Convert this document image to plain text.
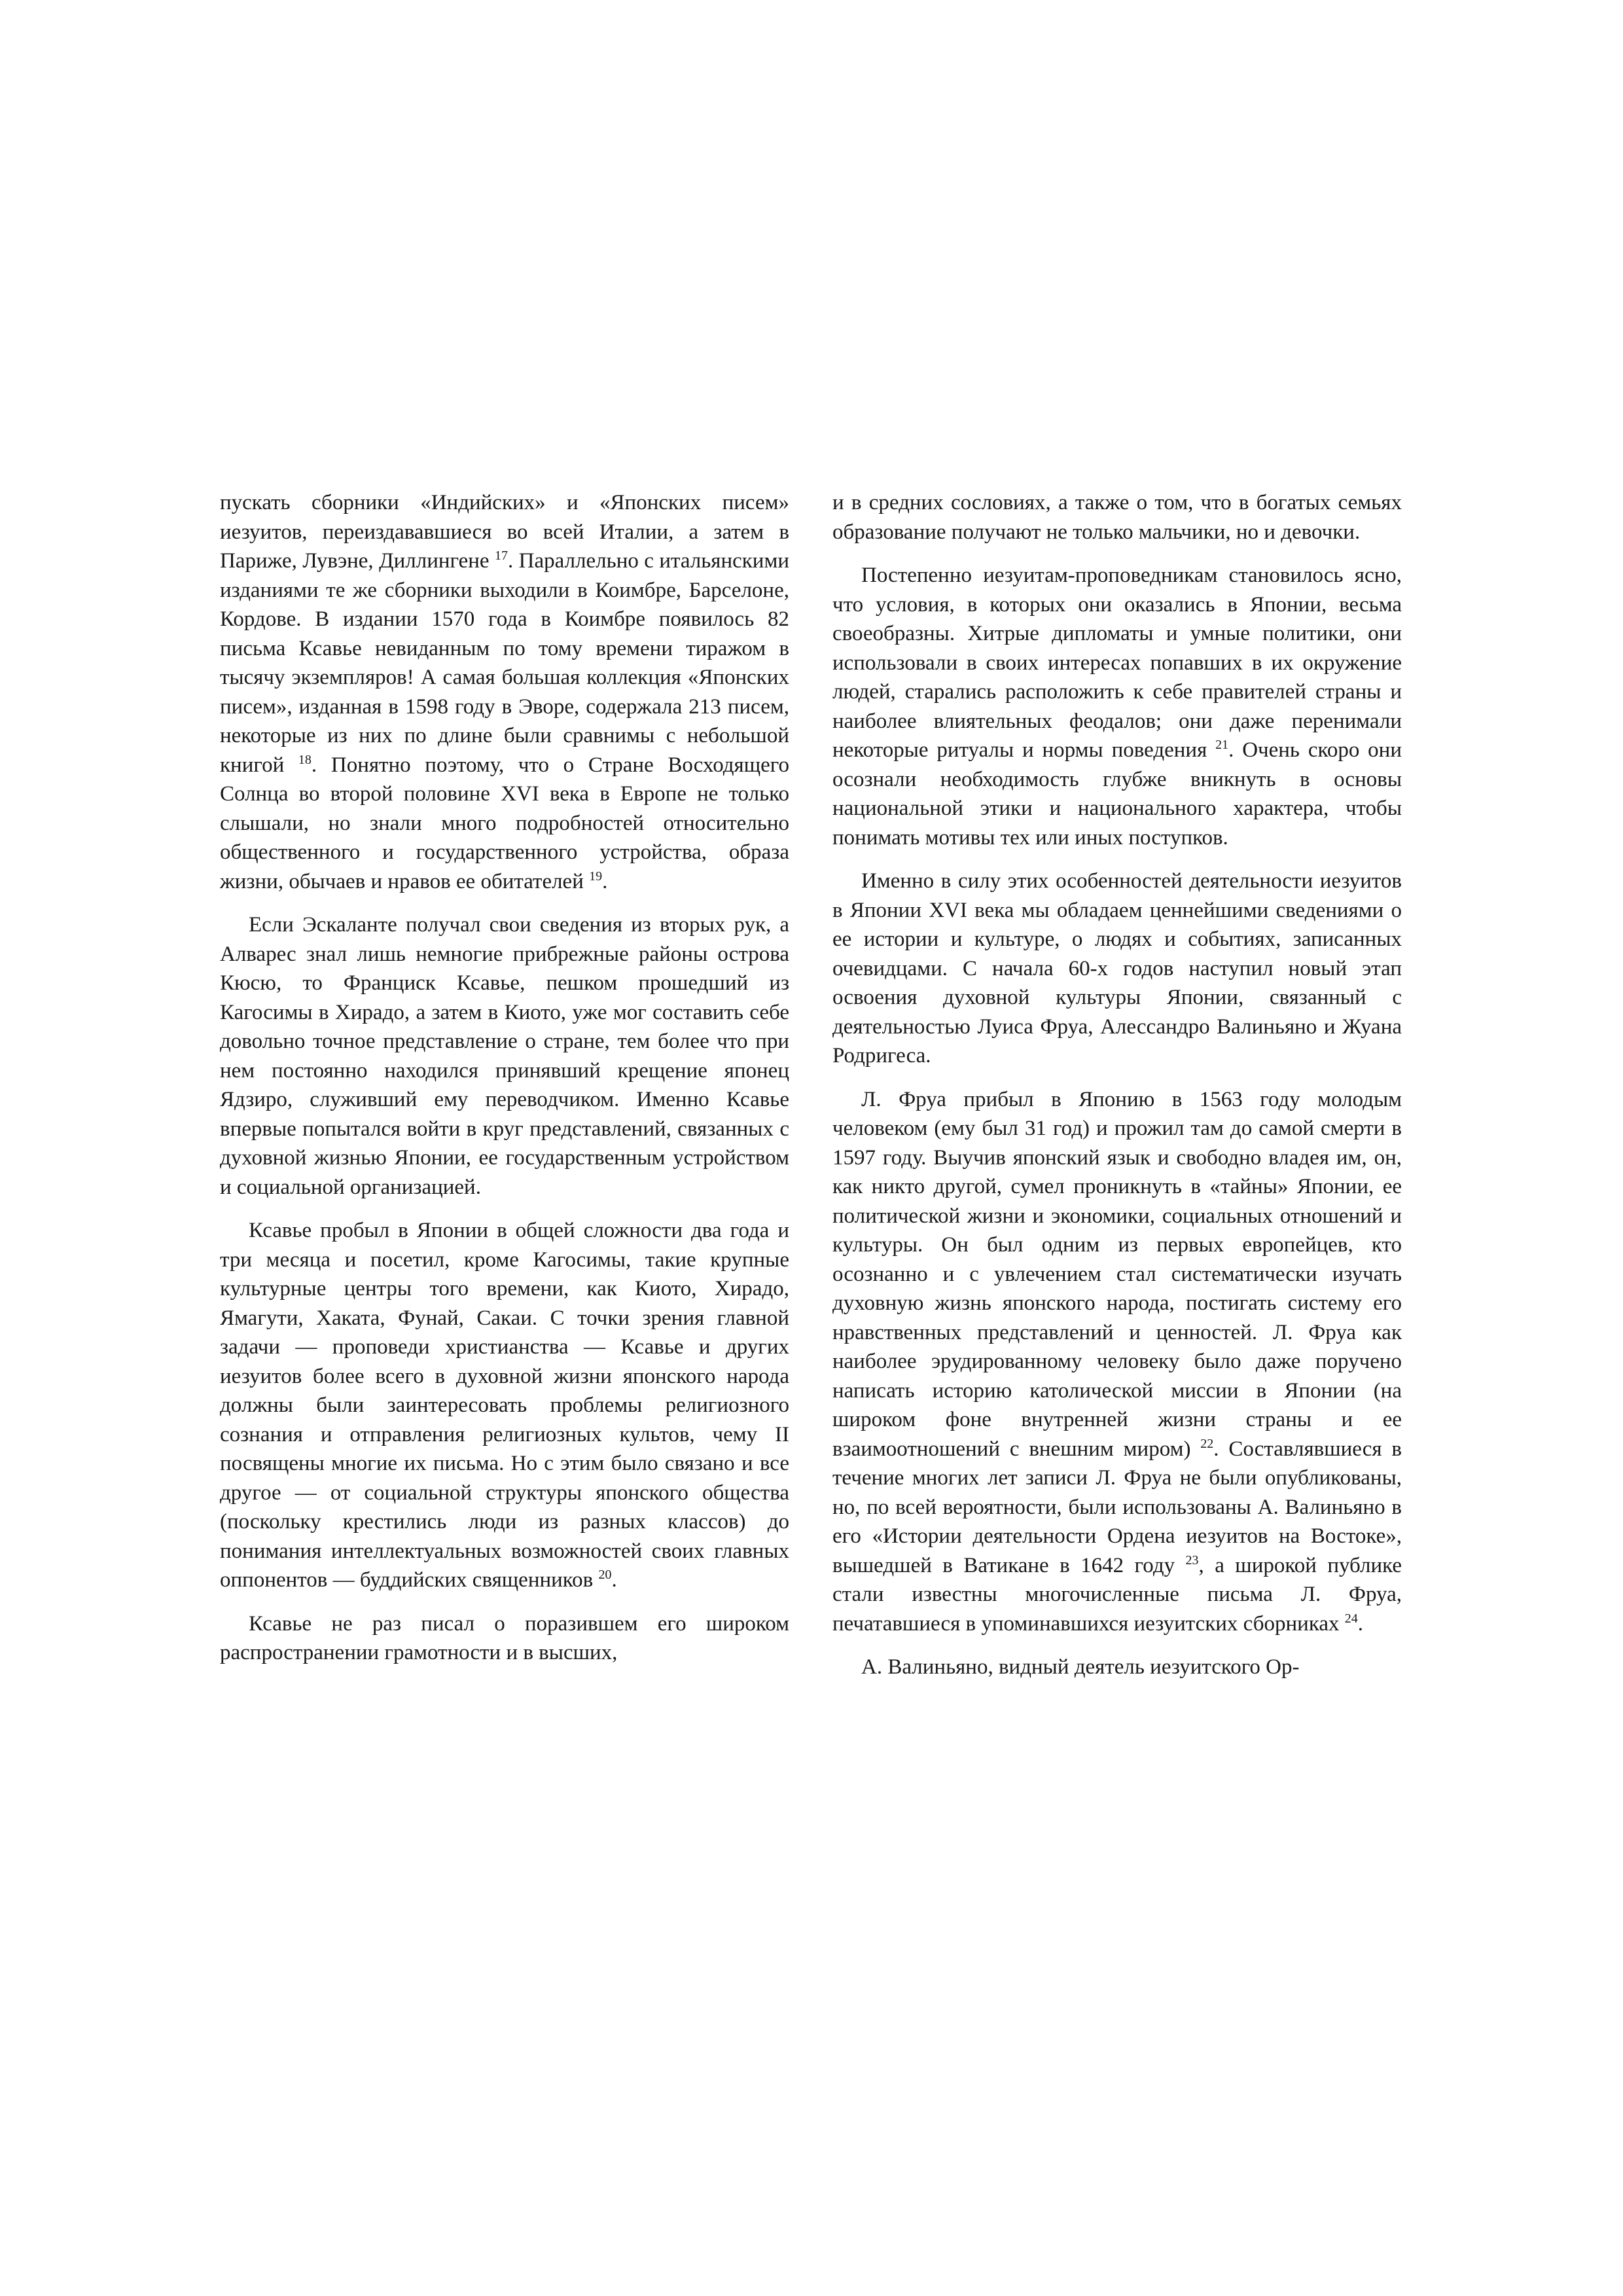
пускать сборники «Индийских» и «Японских писем» иезуитов, переиздававшиеся во всей Италии, а затем в Париже, Лувэне, Диллингене $^{17}$. Параллельно с итальянскими изданиями те же сборники выходили в Коимбре, Барселоне, Кордове. В издании 1570 года в Коимбре появилось 82 письма Ксавье невиданным по тому времени тиражом в тысячу экземпляров! А самая большая коллекция «Японских писем», изданная в 1598 году в Эворе, содержала 213 писем, некоторые из них по длине были сравнимы с небольшой книгой $^{18}$. Понятно поэтому, что о Стране Восходящего Солнца во второй половине XVI века в Европе не только слышали, но знали много подробностей относительно общественного и государственного устройства, образа жизни, обычаев и нравов ее обитателей $^{19}$.

Если Эскаланте получал свои сведения из вторых рук, а Алварес знал лишь немногие прибрежные районы острова Кюсю, то Франциск Ксавье, пешком прошедший из Кагосимы в Хирадо, а затем в Киото, уже мог составить себе довольно точное представление о стране, тем более что при нем постоянно находился принявший крещение японец Ядзиро, служивший ему переводчиком. Именно Ксавье впервые попытался войти в круг представлений, связанных с духовной жизнью Японии, ее государственным устройством и социальной организацией.

Ксавье пробыл в Японии в общей сложности два года и три месяца и посетил, кроме Кагосимы, такие крупные культурные центры того времени, как Киото, Хирадо, Ямагути, Хаката, Фунай, Сакаи. С точки зрения главной задачи — проповеди христианства — Ксавье и других иезуитов более всего в духовной жизни японского народа должны были заинтересовать проблемы религиозного сознания и отправления религиозных культов, чему II посвящены многие их письма. Но с этим было связано и все другое — от социальной структуры японского общества (поскольку крестились люди из разных классов) до понимания интеллектуальных возможностей своих главных оппонентов — буддийских священников $^{20}$.

Ксавье не раз писал о поразившем его широком распространении грамотности и в высших,

и в средних сословиях, а также о том, что в богатых семьях образование получают не только мальчики, но и девочки.

Постепенно иезуитам-проповедникам становилось ясно, что условия, в которых они оказались в Японии, весьма своеобразны. Хитрые дипломаты и умные политики, они использовали в своих интересах попавших в их окружение людей, старались расположить к себе правителей страны и наиболее влиятельных феодалов; они даже перенимали некоторые ритуалы и нормы поведения $^{21}$. Очень скоро они осознали необходимость глубже вникнуть в основы национальной этики и национального характера, чтобы понимать мотивы тех или иных поступков.

Именно в силу этих особенностей деятельности иезуитов в Японии XVI века мы обладаем ценнейшими сведениями о ее истории и культуре, о людях и событиях, записанных очевидцами. С начала 60-х годов наступил новый этап освоения духовной культуры Японии, связанный с деятельностью Луиса Фруа, Алессандро Валиньяно и Жуана Родригеса.

Л. Фруа прибыл в Японию в 1563 году молодым человеком (ему был 31 год) и прожил там до самой смерти в 1597 году. Выучив японский язык и свободно владея им, он, как никто другой, сумел проникнуть в «тайны» Японии, ее политической жизни и экономики, социальных отношений и культуры. Он был одним из первых европейцев, кто осознанно и с увлечением стал систематически изучать духовную жизнь японского народа, постигать систему его нравственных представлений и ценностей. Л. Фруа как наиболее эрудированному человеку было даже поручено написать историю католической миссии в Японии (на широком фоне внутренней жизни страны и ее взаимоотношений с внешним миром) $^{22}$. Составлявшиеся в течение многих лет записи Л. Фруа не были опубликованы, но, по всей вероятности, были использованы А. Валиньяно в его «Истории деятельности Ордена иезуитов на Востоке», вышедшей в Ватикане в 1642 году $^{23}$, а широкой публике стали известны многочисленные письма Л. Фруа, печатавшиеся в упоминавшихся иезуитских сборниках $^{24}$.

А. Валиньяно, видный деятель иезуитского Ор-
